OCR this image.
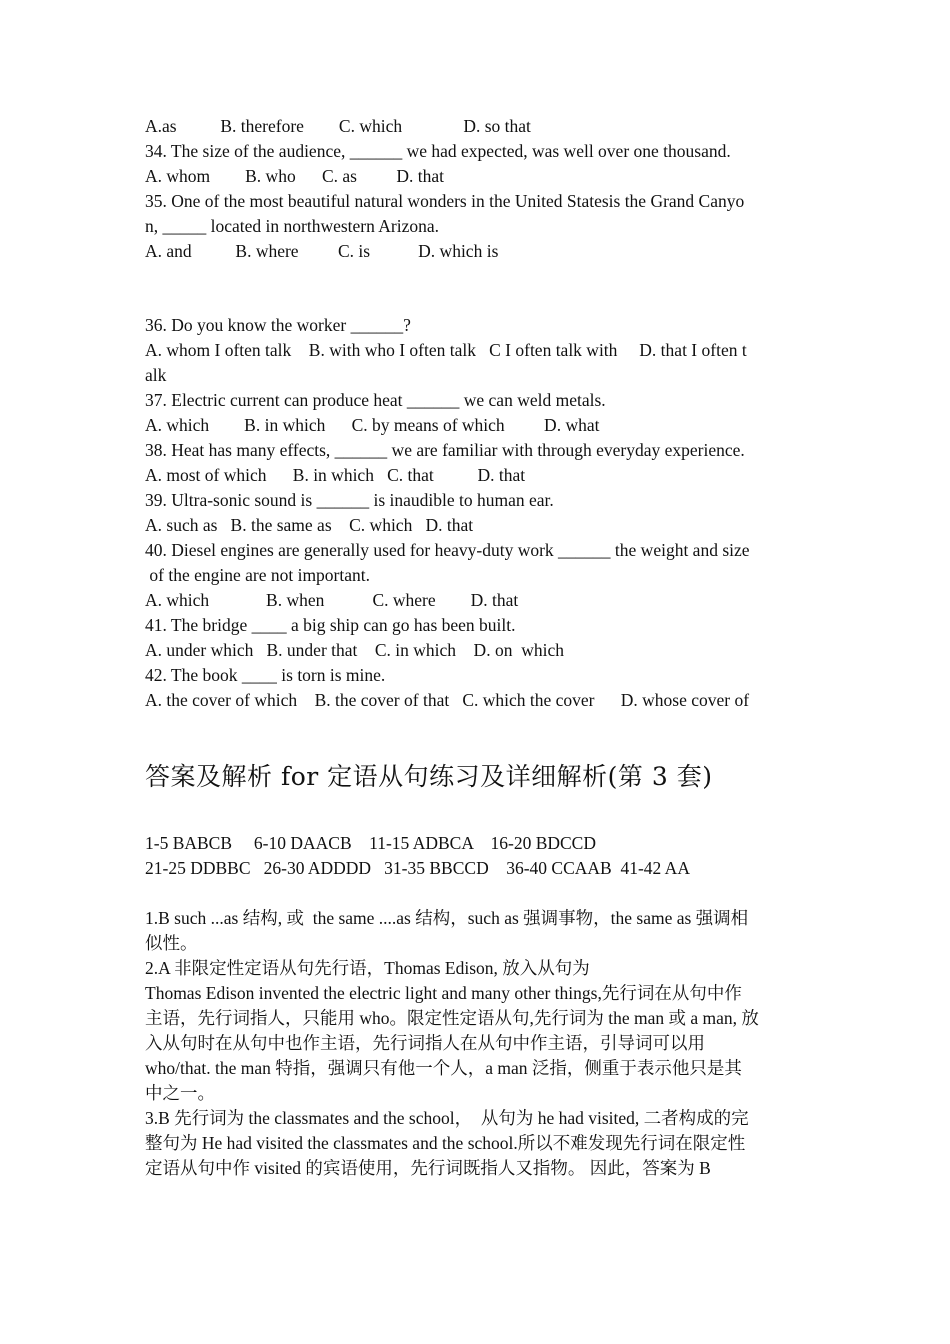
A.as          B. therefore        C. which              D. so that
34. The size of the audience, ______ we had expected, was well over one thousand.
A. whom        B. who      C. as         D. that
35. One of the most beautiful natural wonders in the United Statesis the Grand Canyo
n, _____ located in northwestern Arizona.
A. and          B. where         C. is           D. which is
36. Do you know the worker ______?
A. whom I often talk    B. with who I often talk   C I often talk with     D. that I often t
alk
37. Electric current can produce heat ______ we can weld metals.
A. which        B. in which      C. by means of which         D. what
38. Heat has many effects, ______ we are familiar with through everyday experience.
A. most of which      B. in which   C. that          D. that
39. Ultra-sonic sound is ______ is inaudible to human ear.
A. such as   B. the same as    C. which   D. that
40. Diesel engines are generally used for heavy-duty work ______ the weight and size
of the engine are not important.
A. which             B. when           C. where        D. that
41. The bridge ____ a big ship can go has been built.
A. under which   B. under that    C. in which    D. on  which
42. The book ____ is torn is mine.
A. the cover of which    B. the cover of that   C. which the cover      D. whose cover of
答案及解析 for 定语从句练习及详细解析(第 3 套)
1-5 BABCB     6-10 DAACB    11-15 ADBCA    16-20 BDCCD
21-25 DDBBC   26-30 ADDDD   31-35 BBCCD    36-40 CCAAB  41-42 AA
1.B such ...as 结构, 或  the same ....as 结构，such as 强调事物，the same as 强调相
似性。
2.A 非限定性定语从句先行语，Thomas Edison, 放入从句为
Thomas Edison invented the electric light and many other things,先行词在从句中作
主语，先行词指人，只能用 who。限定性定语从句,先行词为 the man 或 a man, 放
入从句时在从句中也作主语，先行词指人在从句中作主语，引导词可以用
who/that. the man 特指，强调只有他一个人，a man 泛指，侧重于表示他只是其
中之一。
3.B 先行词为 the classmates and the school，  从句为 he had visited, 二者构成的完
整句为 He had visited the classmates and the school.所以不难发现先行词在限定性
定语从句中作 visited 的宾语使用，先行词既指人又指物。 因此，答案为 B
